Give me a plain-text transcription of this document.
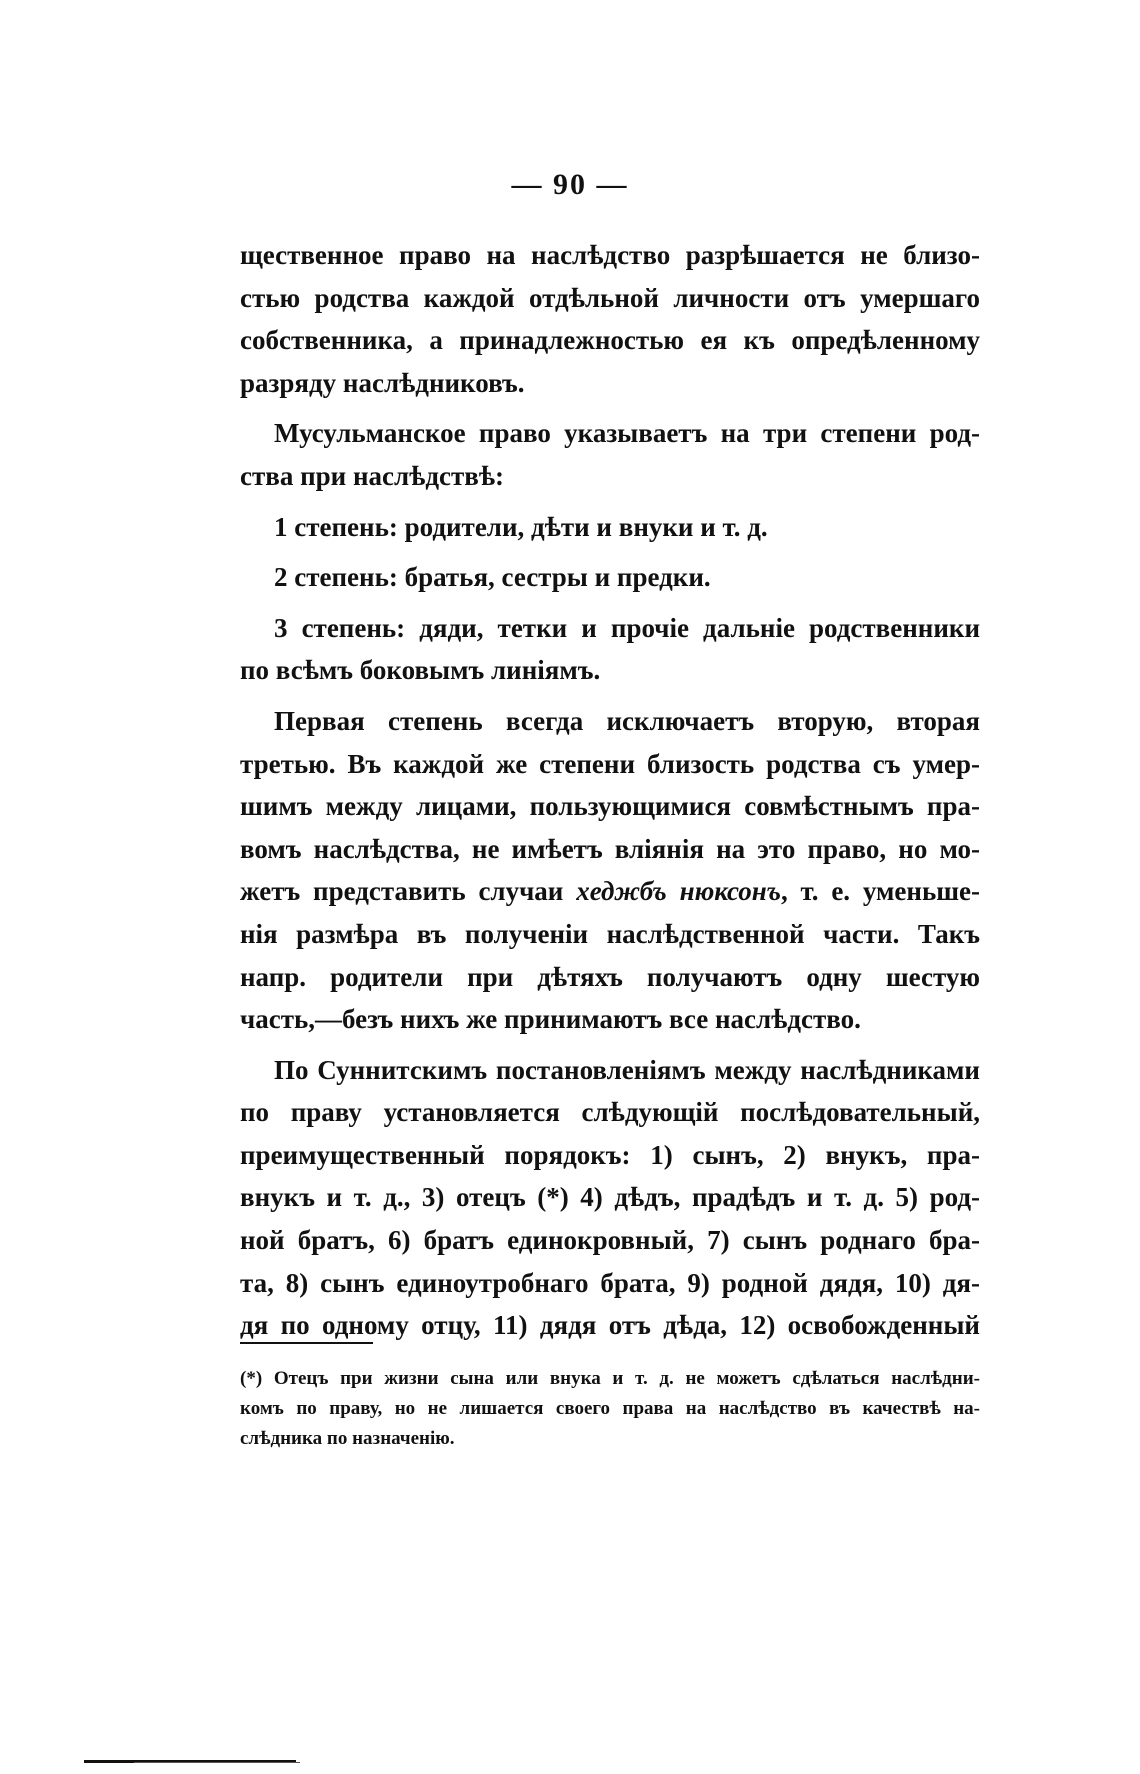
— 90 —

щественное право на наслѣдство разрѣшается не близо-
стью родства каждой отдѣльной личности отъ умершаго
собственника, а принадлежностью ея къ опредѣленному
разряду наслѣдниковъ.

Мусульманское право указываетъ на три степени род-
ства при наслѣдствѣ:

1 степень: родители, дѣти и внуки и т. д.

2 степень: братья, сестры и предки.

3 степень: дяди, тетки и прочіе дальніе родственники
по всѣмъ боковымъ линіямъ.

Первая степень всегда исключаетъ вторую, вторая
третью. Въ каждой же степени близость родства съ умер-
шимъ между лицами, пользующимися совмѣстнымъ пра-
вомъ наслѣдства, не имѣетъ вліянія на это право, но мо-
жетъ представить случаи хеджбъ нюксонъ, т. е. уменьше-
нія размѣра въ полученіи наслѣдственной части. Такъ
напр. родители при дѣтяхъ получаютъ одну шестую
часть,—безъ нихъ же принимаютъ все наслѣдство.

По Суннитскимъ постановленіямъ между наслѣдниками
по праву установляется слѣдующій послѣдовательный,
преимущественный порядокъ: 1) сынъ, 2) внукъ, пра-
внукъ и т. д., 3) отецъ (*) 4) дѣдъ, прадѣдъ и т. д. 5) род-
ной братъ, 6) братъ единокровный, 7) сынъ роднаго бра-
та, 8) сынъ единоутробнаго брата, 9) родной дядя, 10) дя-
дя по одному отцу, 11) дядя отъ дѣда, 12) освобожденный

(*) Отецъ при жизни сына или внука и т. д. не можетъ сдѣлаться наслѣдни-
комъ по праву, но не лишается своего права на наслѣдство въ качествѣ на-
слѣдника по назначенію.
